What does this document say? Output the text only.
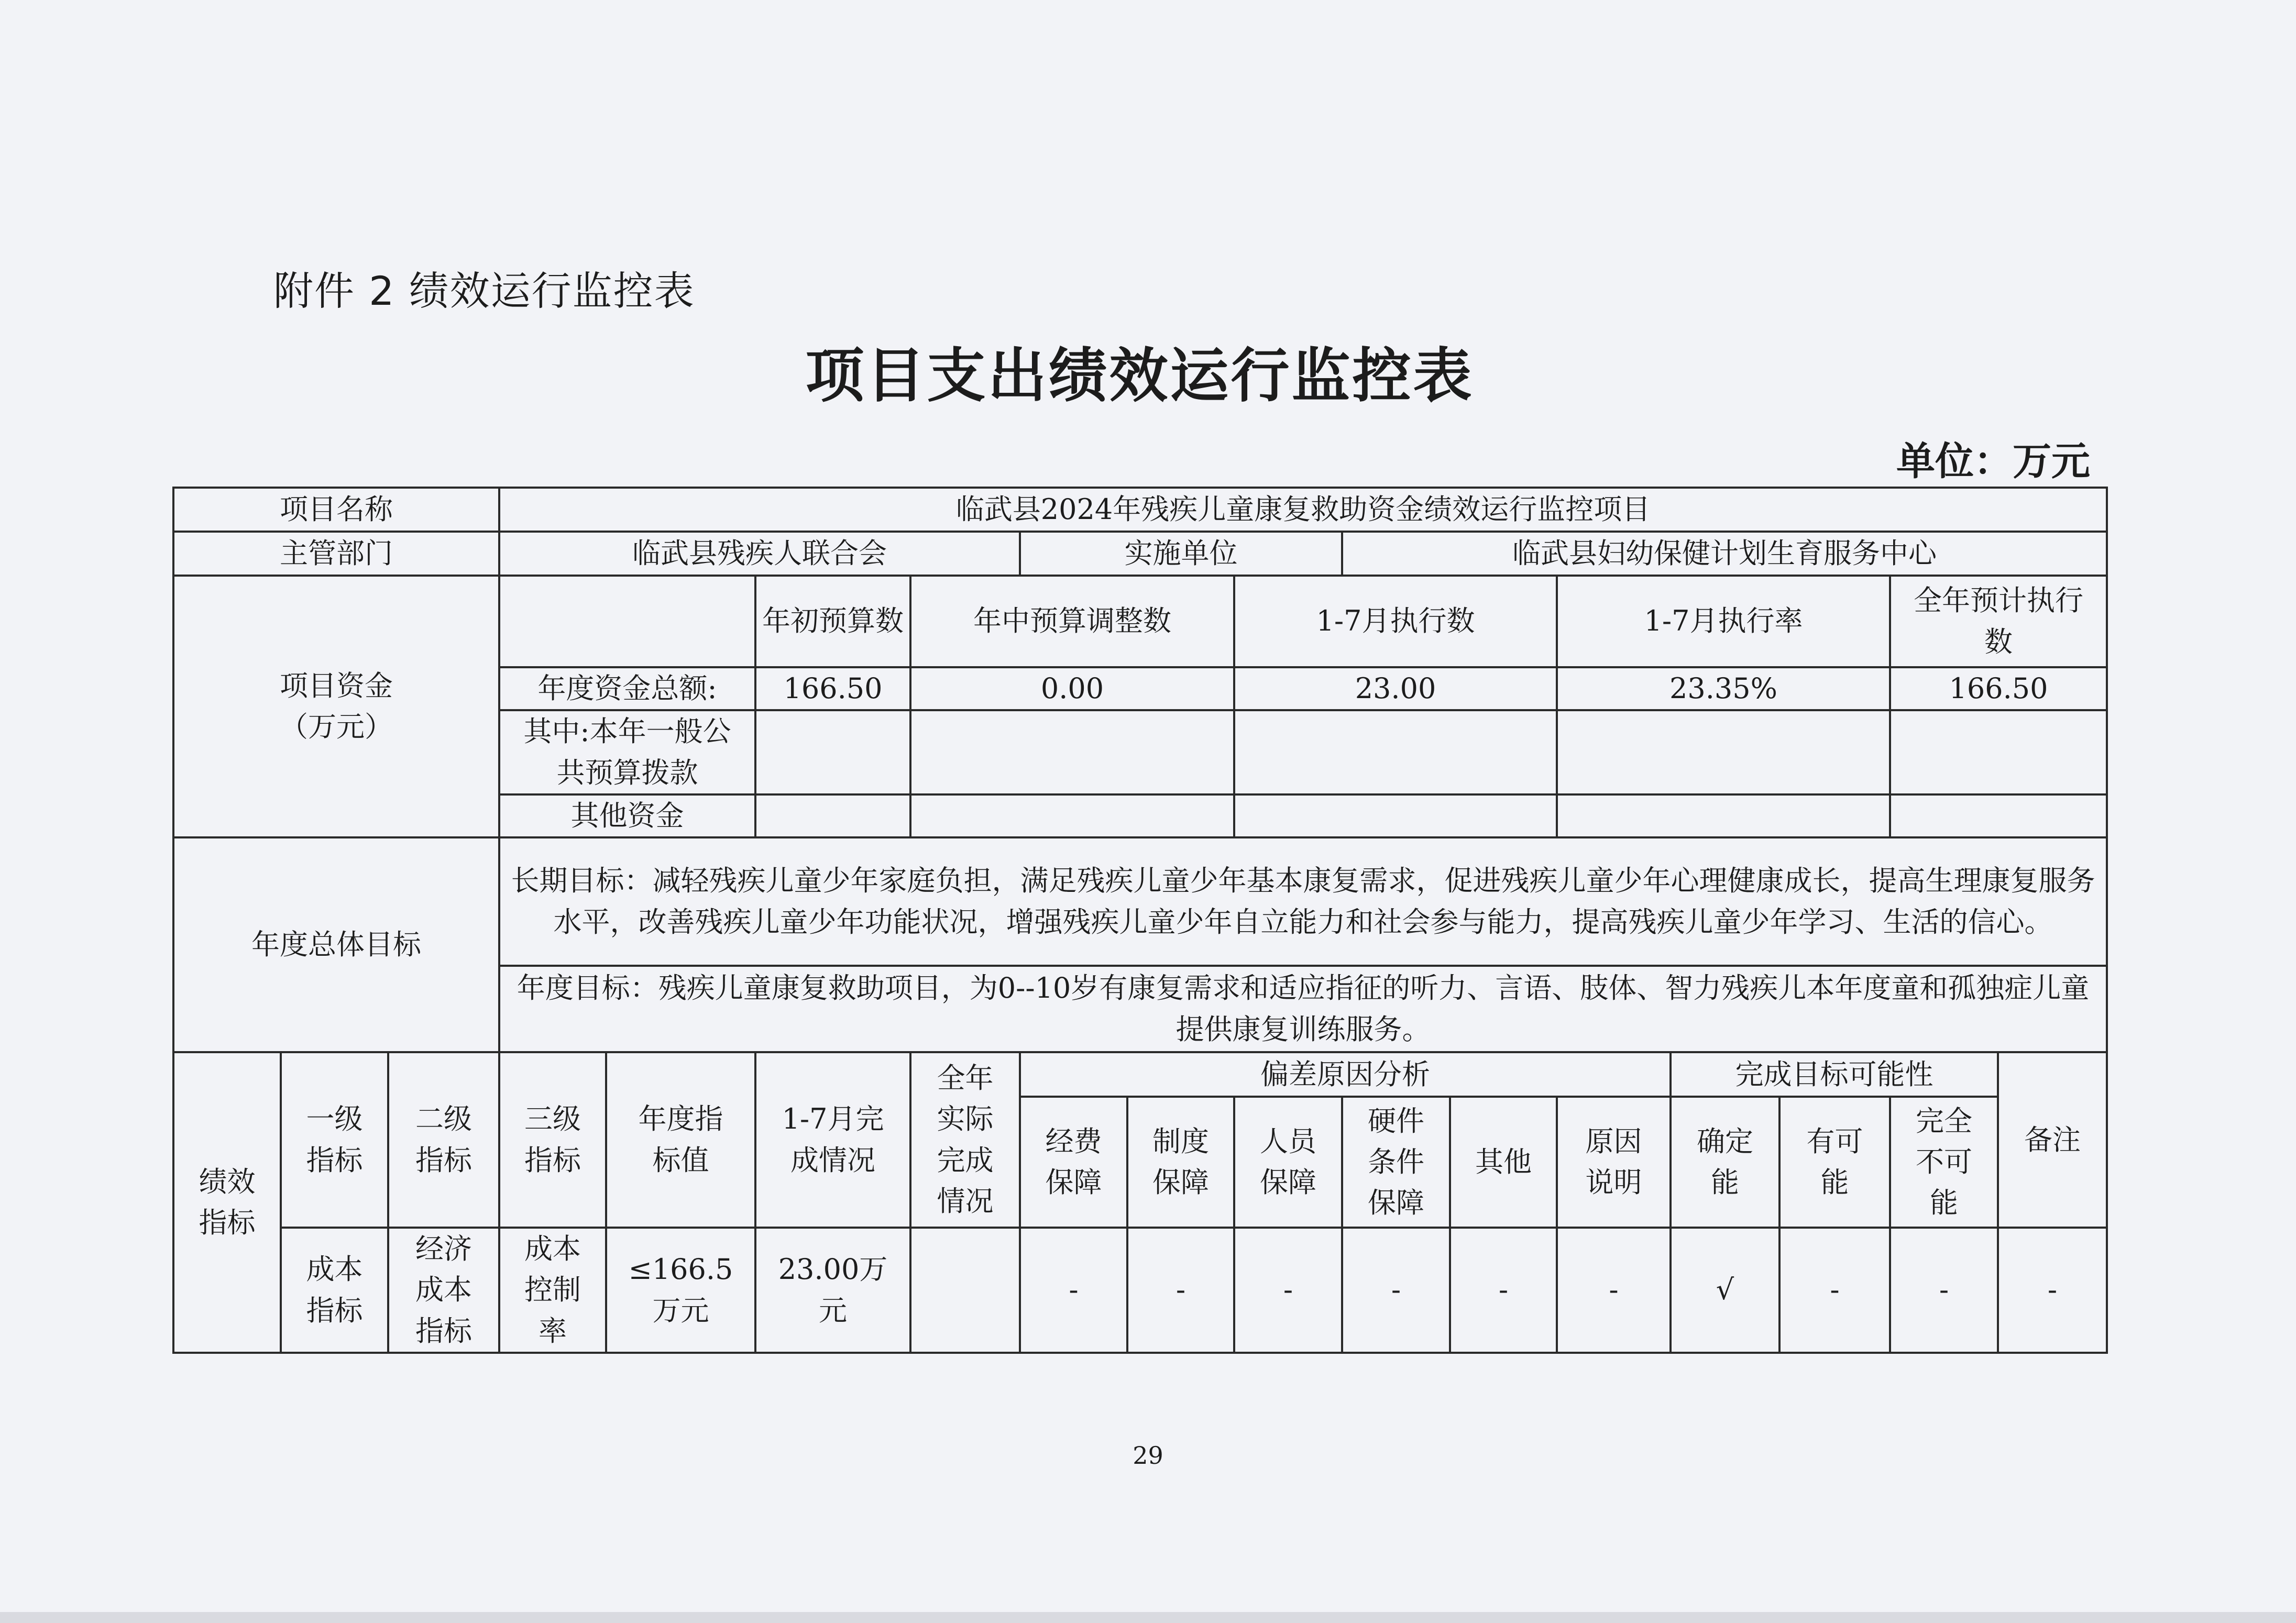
附件 2 绩效运行监控表
项目支出绩效运行监控表
单位：万元
项目名称			临武县2024年残疾儿童康复救助资金绩效运行监控项目													
主管部门			临武县残疾人联合会				实施单位			临武县妇幼保健计划生育服务中心						
项目资金（万元）					年初预算数	年中预算调整数			1-7月执行数			1-7月执行率			全年预计执行数	
			年度资金总额:		166.50	0.00			23.00			23.35%			166.50	
			其中:本年一般公共预算拨款													
			其他资金													
年度总体目标			长期目标：减轻残疾儿童少年家庭负担，满足残疾儿童少年基本康复需求，促进残疾儿童少年心理健康成长，提高生理康复服务水平，改善残疾儿童少年功能状况，增强残疾儿童少年自立能力和社会参与能力，提高残疾儿童少年学习、生活的信心。													
			年度目标：残疾儿童康复救助项目，为0--10岁有康复需求和适应指征的听力、言语、肢体、智力残疾儿本年度童和孤独症儿童提供康复训练服务。													
绩效指标	一级指标	二级指标	三级指标	年度指标值	1-7月完成情况	全年实际完成情况	偏差原因分析						完成目标可能性			备注
							经费保障	制度保障	人员保障	硬件条件保障	其他	原因说明	确定能	有可能	完全不可能	
	成本指标	经济成本指标	成本控制率	≤166.5万元	23.00万元		-	-	-	-	-	-	√	-	-	-
29
